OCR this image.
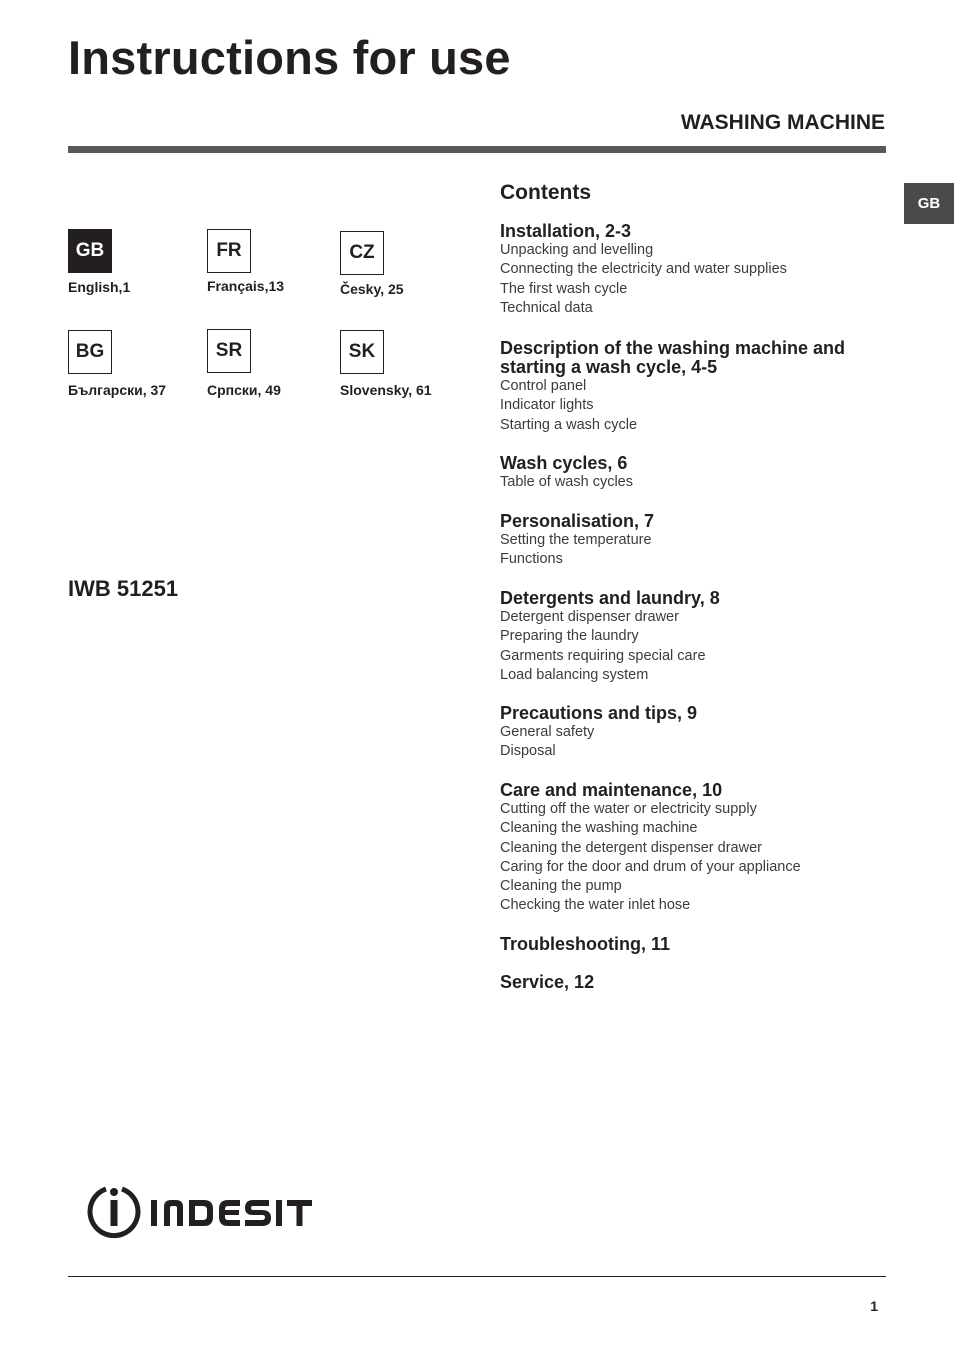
Instructions for use
WASHING MACHINE
GB
GB
English,1
FR
Français,13
CZ
Česky, 25
BG
Български, 37
SR
Српски, 49
SK
Slovensky, 61
IWB 51251
Contents
Installation, 2-3
Unpacking and levelling
Connecting the electricity and water supplies
The first wash cycle
Technical data
Description of the washing machine and starting a wash cycle, 4-5
Control panel
Indicator lights
Starting a wash cycle
Wash cycles, 6
Table of wash cycles
Personalisation, 7
Setting the temperature
Functions
Detergents and laundry, 8
Detergent dispenser drawer
Preparing the laundry
Garments requiring special care
Load balancing system
Precautions and tips, 9
General safety
Disposal
Care and maintenance, 10
Cutting off the water or electricity supply
Cleaning the washing machine
Cleaning the detergent dispenser drawer
Caring for the door and drum of your appliance
Cleaning the pump
Checking the water inlet hose
Troubleshooting, 11
Service, 12
1
